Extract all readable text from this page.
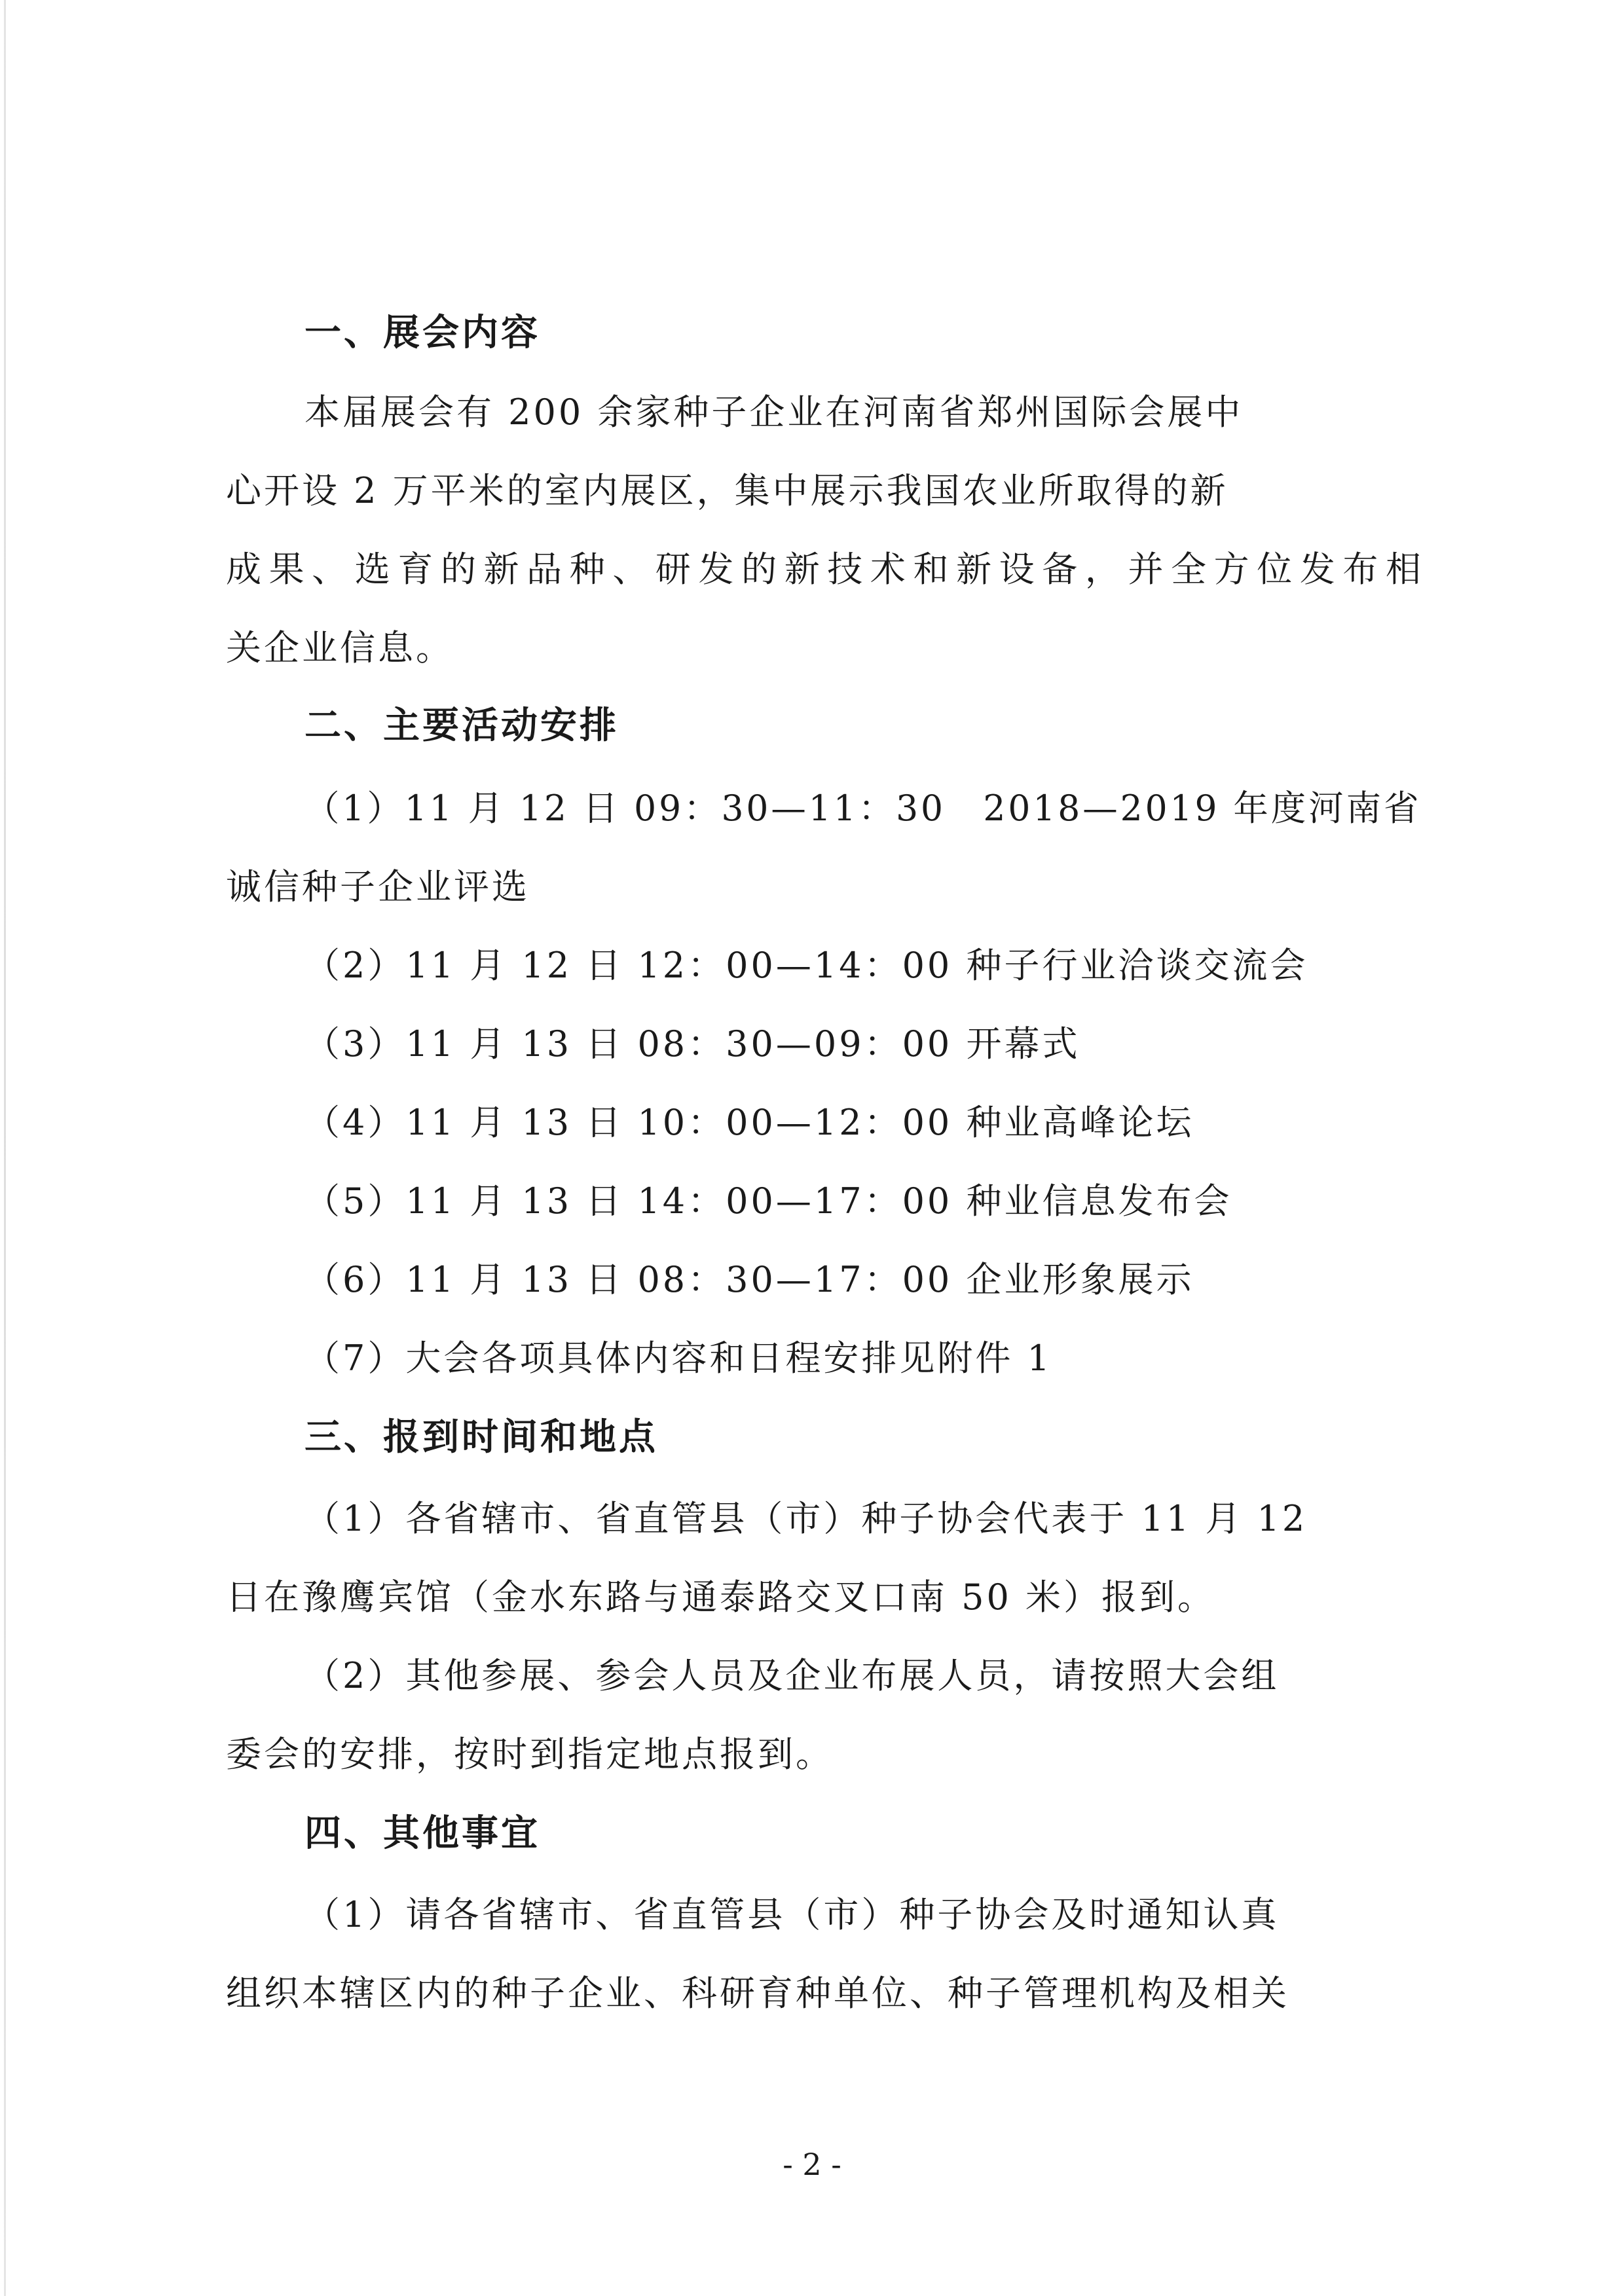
一、展会内容
本届展会有 200 余家种子企业在河南省郑州国际会展中
心开设 2 万平米的室内展区，集中展示我国农业所取得的新
成果、选育的新品种、研发的新技术和新设备，并全方位发布相
关企业信息。
二、主要活动安排
（1）11 月 12 日 09：30—11：30　2018—2019 年度河南省
诚信种子企业评选
（2）11 月 12 日 12：00—14：00 种子行业洽谈交流会
（3）11 月 13 日 08：30—09：00 开幕式
（4）11 月 13 日 10：00—12：00 种业高峰论坛
（5）11 月 13 日 14：00—17：00 种业信息发布会
（6）11 月 13 日 08：30—17：00 企业形象展示
（7）大会各项具体内容和日程安排见附件 1
三、报到时间和地点
（1）各省辖市、省直管县（市）种子协会代表于 11 月 12
日在豫鹰宾馆（金水东路与通泰路交叉口南 50 米）报到。
（2）其他参展、参会人员及企业布展人员，请按照大会组
委会的安排，按时到指定地点报到。
四、其他事宜
（1）请各省辖市、省直管县（市）种子协会及时通知认真
组织本辖区内的种子企业、科研育种单位、种子管理机构及相关
- 2 -
